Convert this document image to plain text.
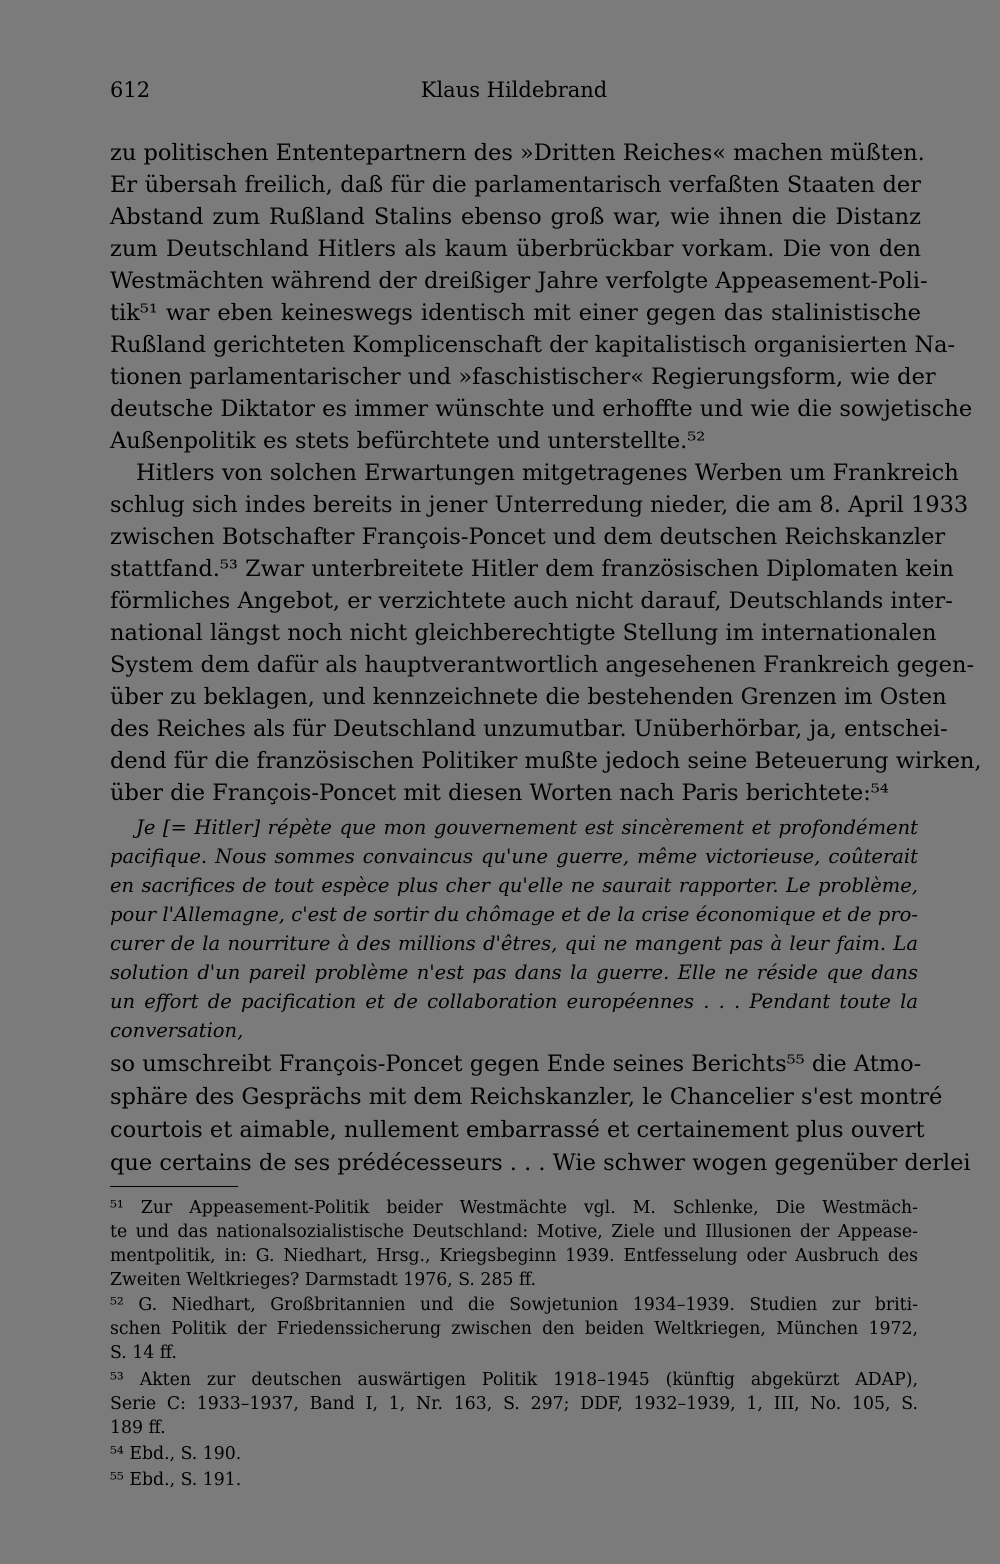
612	Klaus Hildebrand
zu politischen Ententepartnern des »Dritten Reiches« machen müßten.
Er übersah freilich, daß für die parlamentarisch verfaßten Staaten der
Abstand zum Rußland Stalins ebenso groß war, wie ihnen die Distanz
zum Deutschland Hitlers als kaum überbrückbar vorkam. Die von den
Westmächten während der dreißiger Jahre verfolgte Appeasement-Poli-
tik⁵¹ war eben keineswegs identisch mit einer gegen das stalinistische
Rußland gerichteten Komplicenschaft der kapitalistisch organisierten Na-
tionen parlamentarischer und »faschistischer« Regierungsform, wie der
deutsche Diktator es immer wünschte und erhoffte und wie die sowjetische
Außenpolitik es stets befürchtete und unterstellte.⁵²
Hitlers von solchen Erwartungen mitgetragenes Werben um Frankreich
schlug sich indes bereits in jener Unterredung nieder, die am 8. April 1933
zwischen Botschafter François-Poncet und dem deutschen Reichskanzler
stattfand.⁵³ Zwar unterbreitete Hitler dem französischen Diplomaten kein
förmliches Angebot, er verzichtete auch nicht darauf, Deutschlands inter-
national längst noch nicht gleichberechtigte Stellung im internationalen
System dem dafür als hauptverantwortlich angesehenen Frankreich gegen-
über zu beklagen, und kennzeichnete die bestehenden Grenzen im Osten
des Reiches als für Deutschland unzumutbar. Unüberhörbar, ja, entschei-
dend für die französischen Politiker mußte jedoch seine Beteuerung wirken,
über die François-Poncet mit diesen Worten nach Paris berichtete:⁵⁴
Je [= Hitler] répète que mon gouvernement est sincèrement et profondément
pacifique. Nous sommes convaincus qu'une guerre, même victorieuse, coûterait
en sacrifices de tout espèce plus cher qu'elle ne saurait rapporter. Le problème,
pour l'Allemagne, c'est de sortir du chômage et de la crise économique et de pro-
curer de la nourriture à des millions d'êtres, qui ne mangent pas à leur faim. La
solution d'un pareil problème n'est pas dans la guerre. Elle ne réside que dans
un effort de pacification et de collaboration européennes . . . Pendant toute la
conversation,
so umschreibt François-Poncet gegen Ende seines Berichts⁵⁵ die Atmo-
sphäre des Gesprächs mit dem Reichskanzler, le Chancelier s'est montré
courtois et aimable, nullement embarrassé et certainement plus ouvert
que certains de ses prédécesseurs . . . Wie schwer wogen gegenüber derlei
⁵¹ Zur Appeasement-Politik beider Westmächte vgl. M. Schlenke, Die Westmäch-
te und das nationalsozialistische Deutschland: Motive, Ziele und Illusionen der Appease-
mentpolitik, in: G. Niedhart, Hrsg., Kriegsbeginn 1939. Entfesselung oder Ausbruch des
Zweiten Weltkrieges? Darmstadt 1976, S. 285 ff.
⁵² G. Niedhart, Großbritannien und die Sowjetunion 1934–1939. Studien zur briti-
schen Politik der Friedenssicherung zwischen den beiden Weltkriegen, München 1972,
S. 14 ff.
⁵³ Akten zur deutschen auswärtigen Politik 1918–1945 (künftig abgekürzt ADAP),
Serie C: 1933–1937, Band I, 1, Nr. 163, S. 297; DDF, 1932–1939, 1, III, No. 105, S.
189 ff.
⁵⁴ Ebd., S. 190.
⁵⁵ Ebd., S. 191.
